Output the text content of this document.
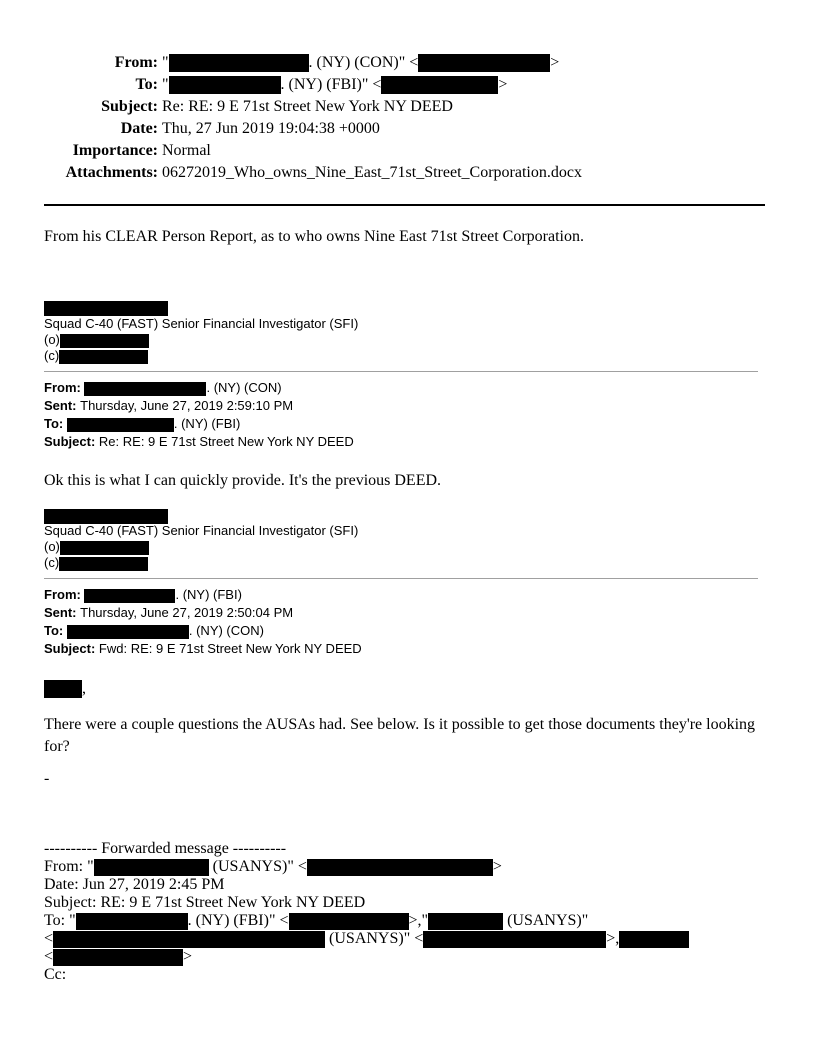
From: "	. (NY) (CON)" <	>
To: "	. (NY) (FBI)" <	>
Subject: Re: RE: 9 E 71st Street New York NY DEED
Date: Thu, 27 Jun 2019 19:04:38 +0000
Importance: Normal
Attachments: 06272019_Who_owns_Nine_East_71st_Street_Corporation.docx
From his CLEAR Person Report, as to who owns Nine East 71st Street Corporation.
Squad C-40 (FAST) Senior Financial Investigator (SFI)
(o)
(c)
From:	. (NY) (CON)
Sent: Thursday, June 27, 2019 2:59:10 PM
To:	. (NY) (FBI)
Subject: Re: RE: 9 E 71st Street New York NY DEED
Ok this is what I can quickly provide. It's the previous DEED.
Squad C-40 (FAST) Senior Financial Investigator (SFI)
(o)
(c)
From:	. (NY) (FBI)
Sent: Thursday, June 27, 2019 2:50:04 PM
To:	. (NY) (CON)
Subject: Fwd: RE: 9 E 71st Street New York NY DEED
,
There were a couple questions the AUSAs had. See below. Is it possible to get those documents they're looking
for?
-
---------- Forwarded message ----------
From: "	(USANYS)" <	>
Date: Jun 27, 2019 2:45 PM
Subject: RE: 9 E 71st Street New York NY DEED
To: "	. (NY) (FBI)" <	>,"	(USANYS)"
<	(USANYS)" <	>,
<	>
Cc:
